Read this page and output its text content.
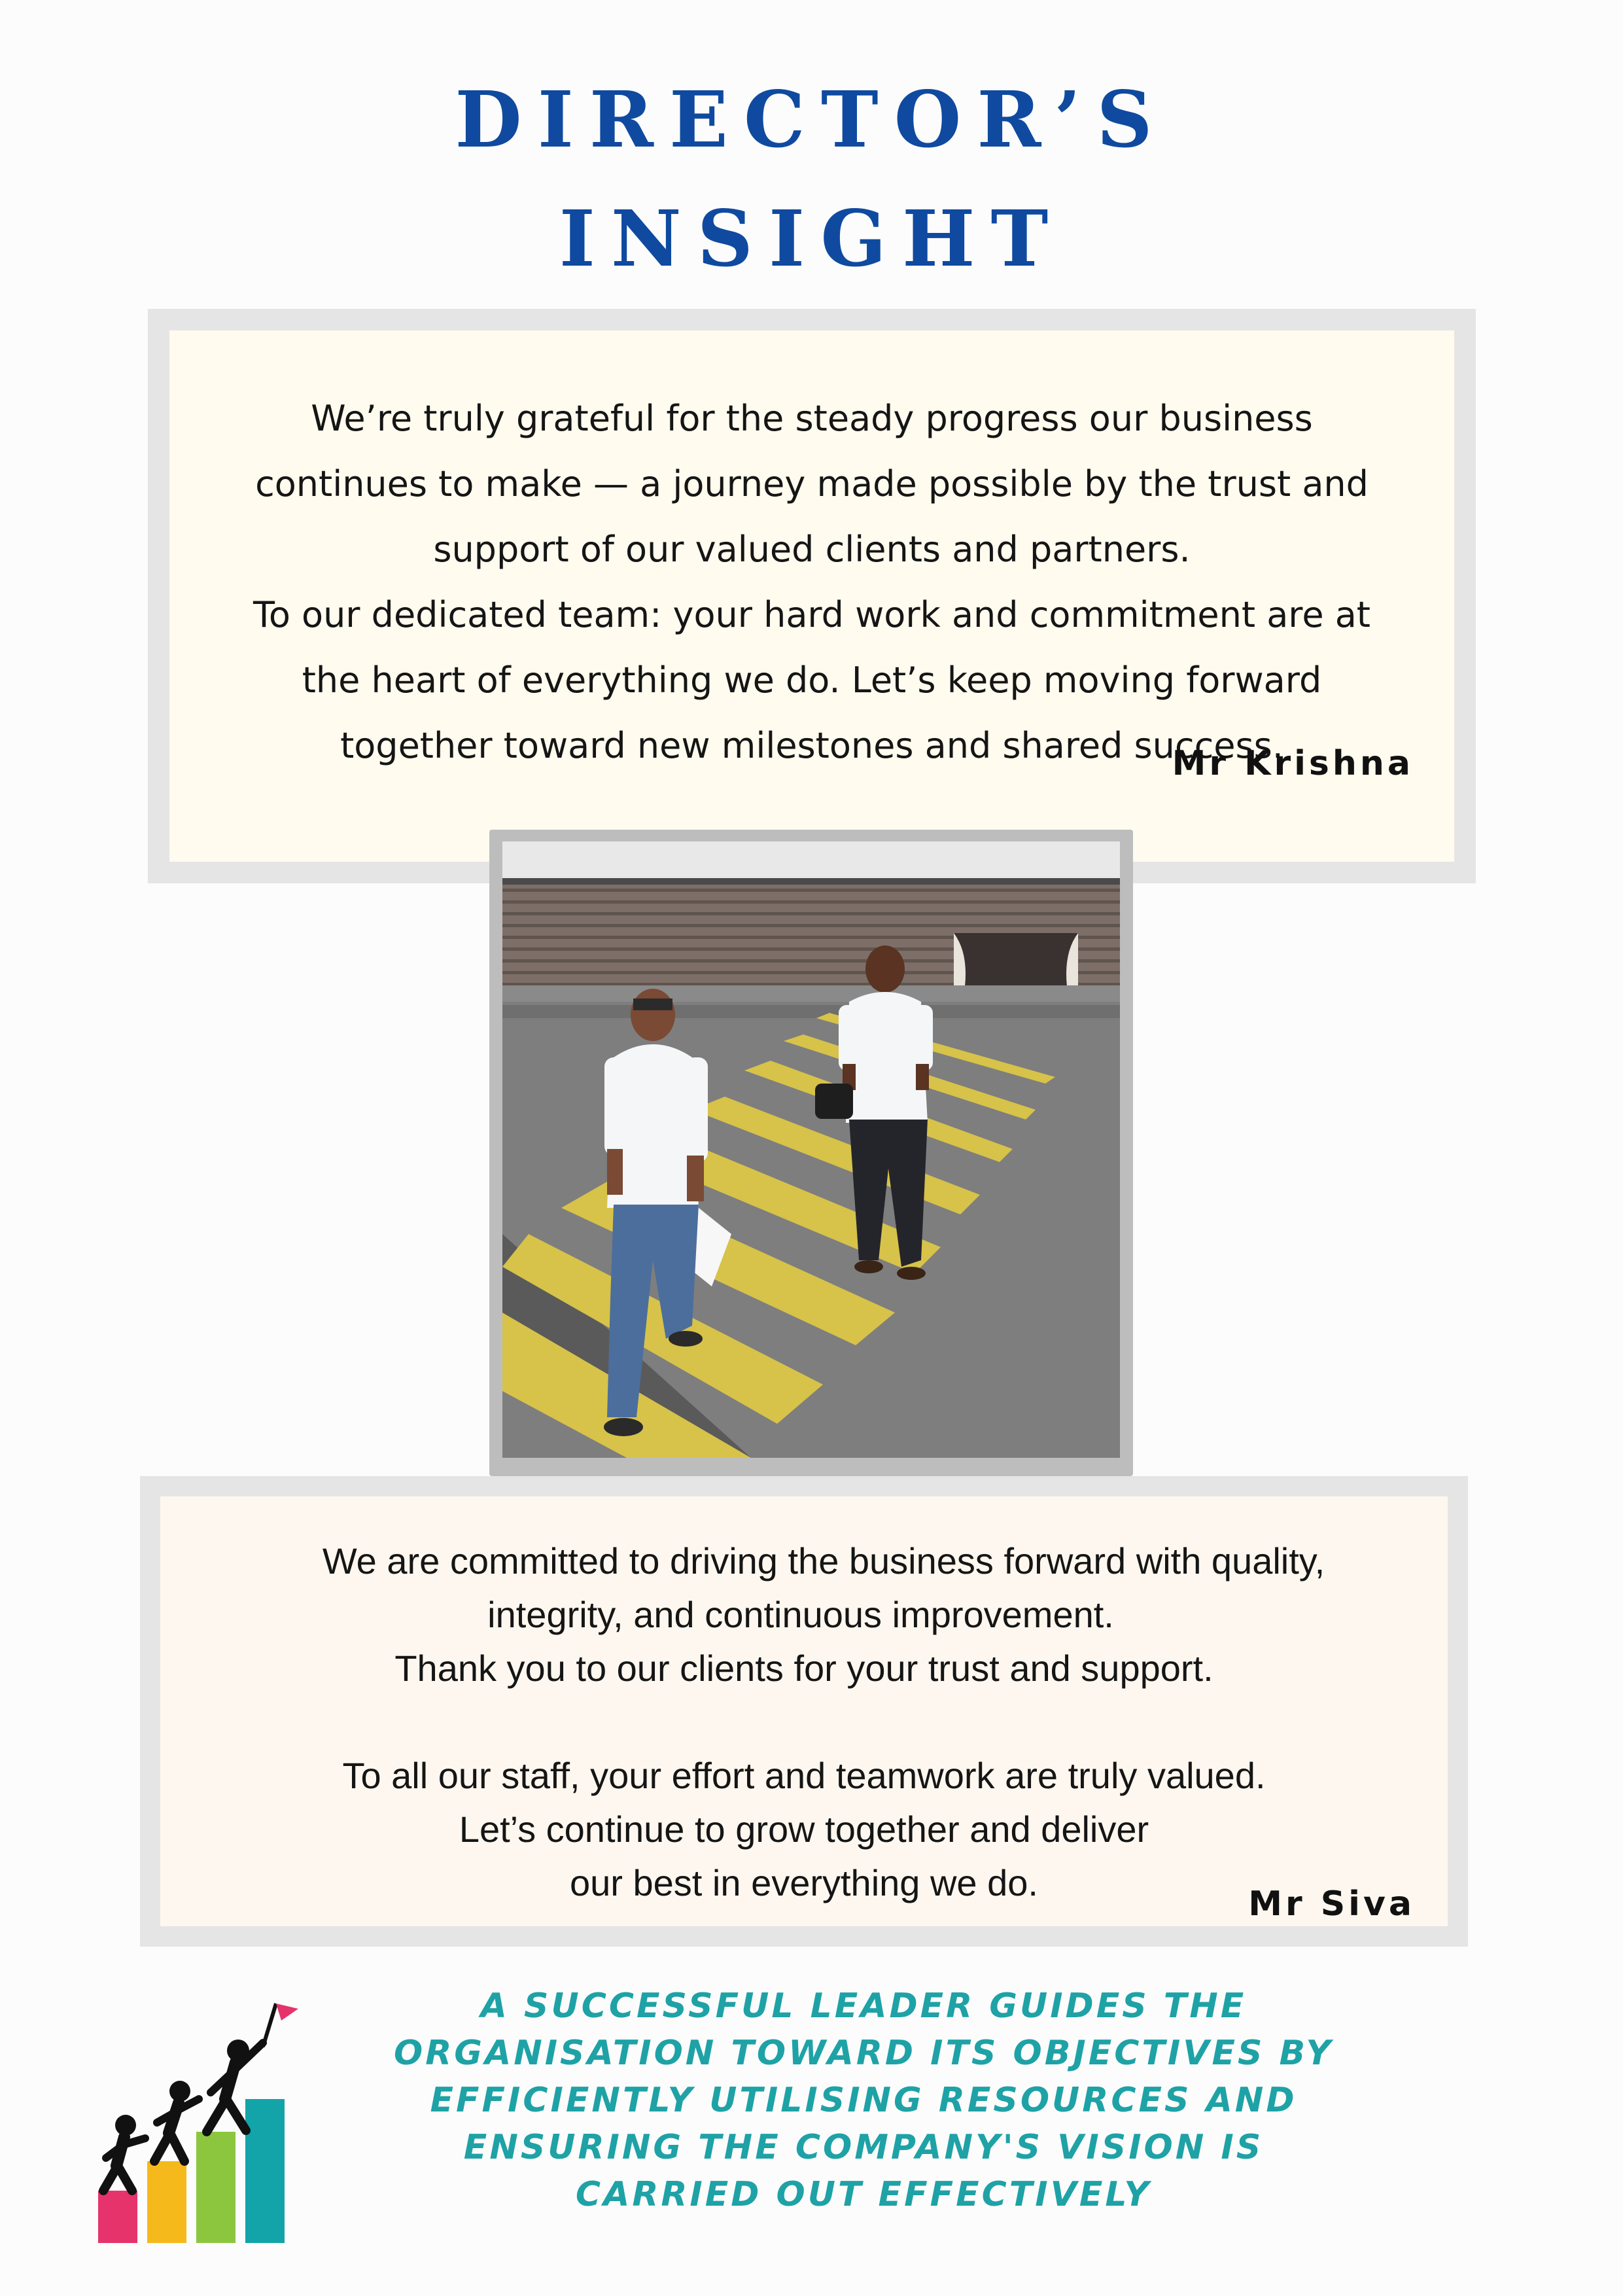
DIRECTOR’S
INSIGHT
We’re truly grateful for the steady progress our business
continues to make — a journey made possible by the trust and
support of our valued clients and partners.
To our dedicated team: your hard work and commitment are at
the heart of everything we do. Let’s keep moving forward
together toward new milestones and shared success.
Mr Krishna
We are committed to driving the business forward with quality,
integrity, and continuous improvement.
Thank you to our clients for your trust and support.
To all our staff, your effort and teamwork are truly valued.
Let’s continue to grow together and deliver
our best in everything we do.
Mr Siva
A SUCCESSFUL LEADER GUIDES THE
ORGANISATION TOWARD ITS OBJECTIVES BY
EFFICIENTLY UTILISING RESOURCES AND
ENSURING THE COMPANY'S VISION IS
CARRIED OUT EFFECTIVELY
